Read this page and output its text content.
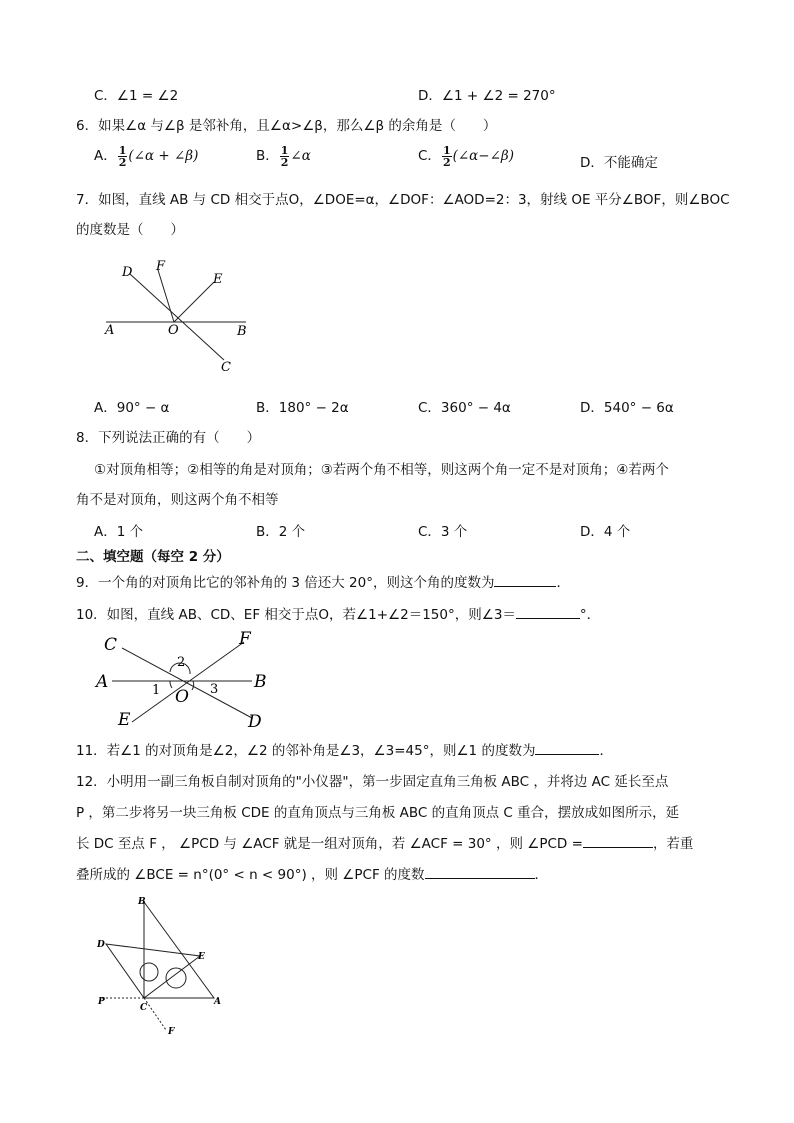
C．∠1 = ∠2	D．∠1 + ∠2 = 270°
6．如果∠α 与∠β 是邻补角，且∠α>∠β，那么∠β 的余角是（　　）
A． $\frac{1}{2}$ (∠α + ∠β)	B． $\frac{1}{2}$ ∠α	C． $\frac{1}{2}$ (∠α−∠β)	D．不能确定
7．如图，直线 AB 与 CD 相交于点O，∠DOE=α，∠DOF：∠AOD=2：3，射线 OE 平分∠BOF，则∠BOC
的度数是（　　）
D F
E
A	O	B
C
A．90° − α	B．180° − 2α	C．360° − 4α	D．540° − 6α
8．下列说法正确的有（　　）
①对顶角相等；②相等的角是对顶角；③若两个角不相等，则这两个角一定不是对顶角；④若两个
角不是对顶角，则这两个角不相等
A．1 个	B．2 个	C．3 个	D．4 个
二、填空题（每空 2 分）
9．一个角的对顶角比它的邻补角的 3 倍还大 20°，则这个角的度数为	．
10．如图，直线 AB、CD、EF 相交于点O，若∠1+∠2＝150°，则∠3＝	°．
C	F
A	B
E	D
O
1
2
3
11．若∠1 的对顶角是∠2，∠2 的邻补角是∠3，∠3=45°，则∠1 的度数为	．
12．小明用一副三角板自制对顶角的"小仪器"，第一步固定直角三角板 ABC ，并将边 AC 延长至点
P ，第二步将另一块三角板 CDE 的直角顶点与三角板 ABC 的直角顶点 C 重合，摆放成如图所示，延
长 DC 至点 F ， ∠PCD 与 ∠ACF 就是一组对顶角，若 ∠ACF = 30° ，则 ∠PCD =	，若重
叠所成的 ∠BCE = n°(0° < n < 90°) ，则 ∠PCF 的度数	．
B
D
E
P
C
A
F
